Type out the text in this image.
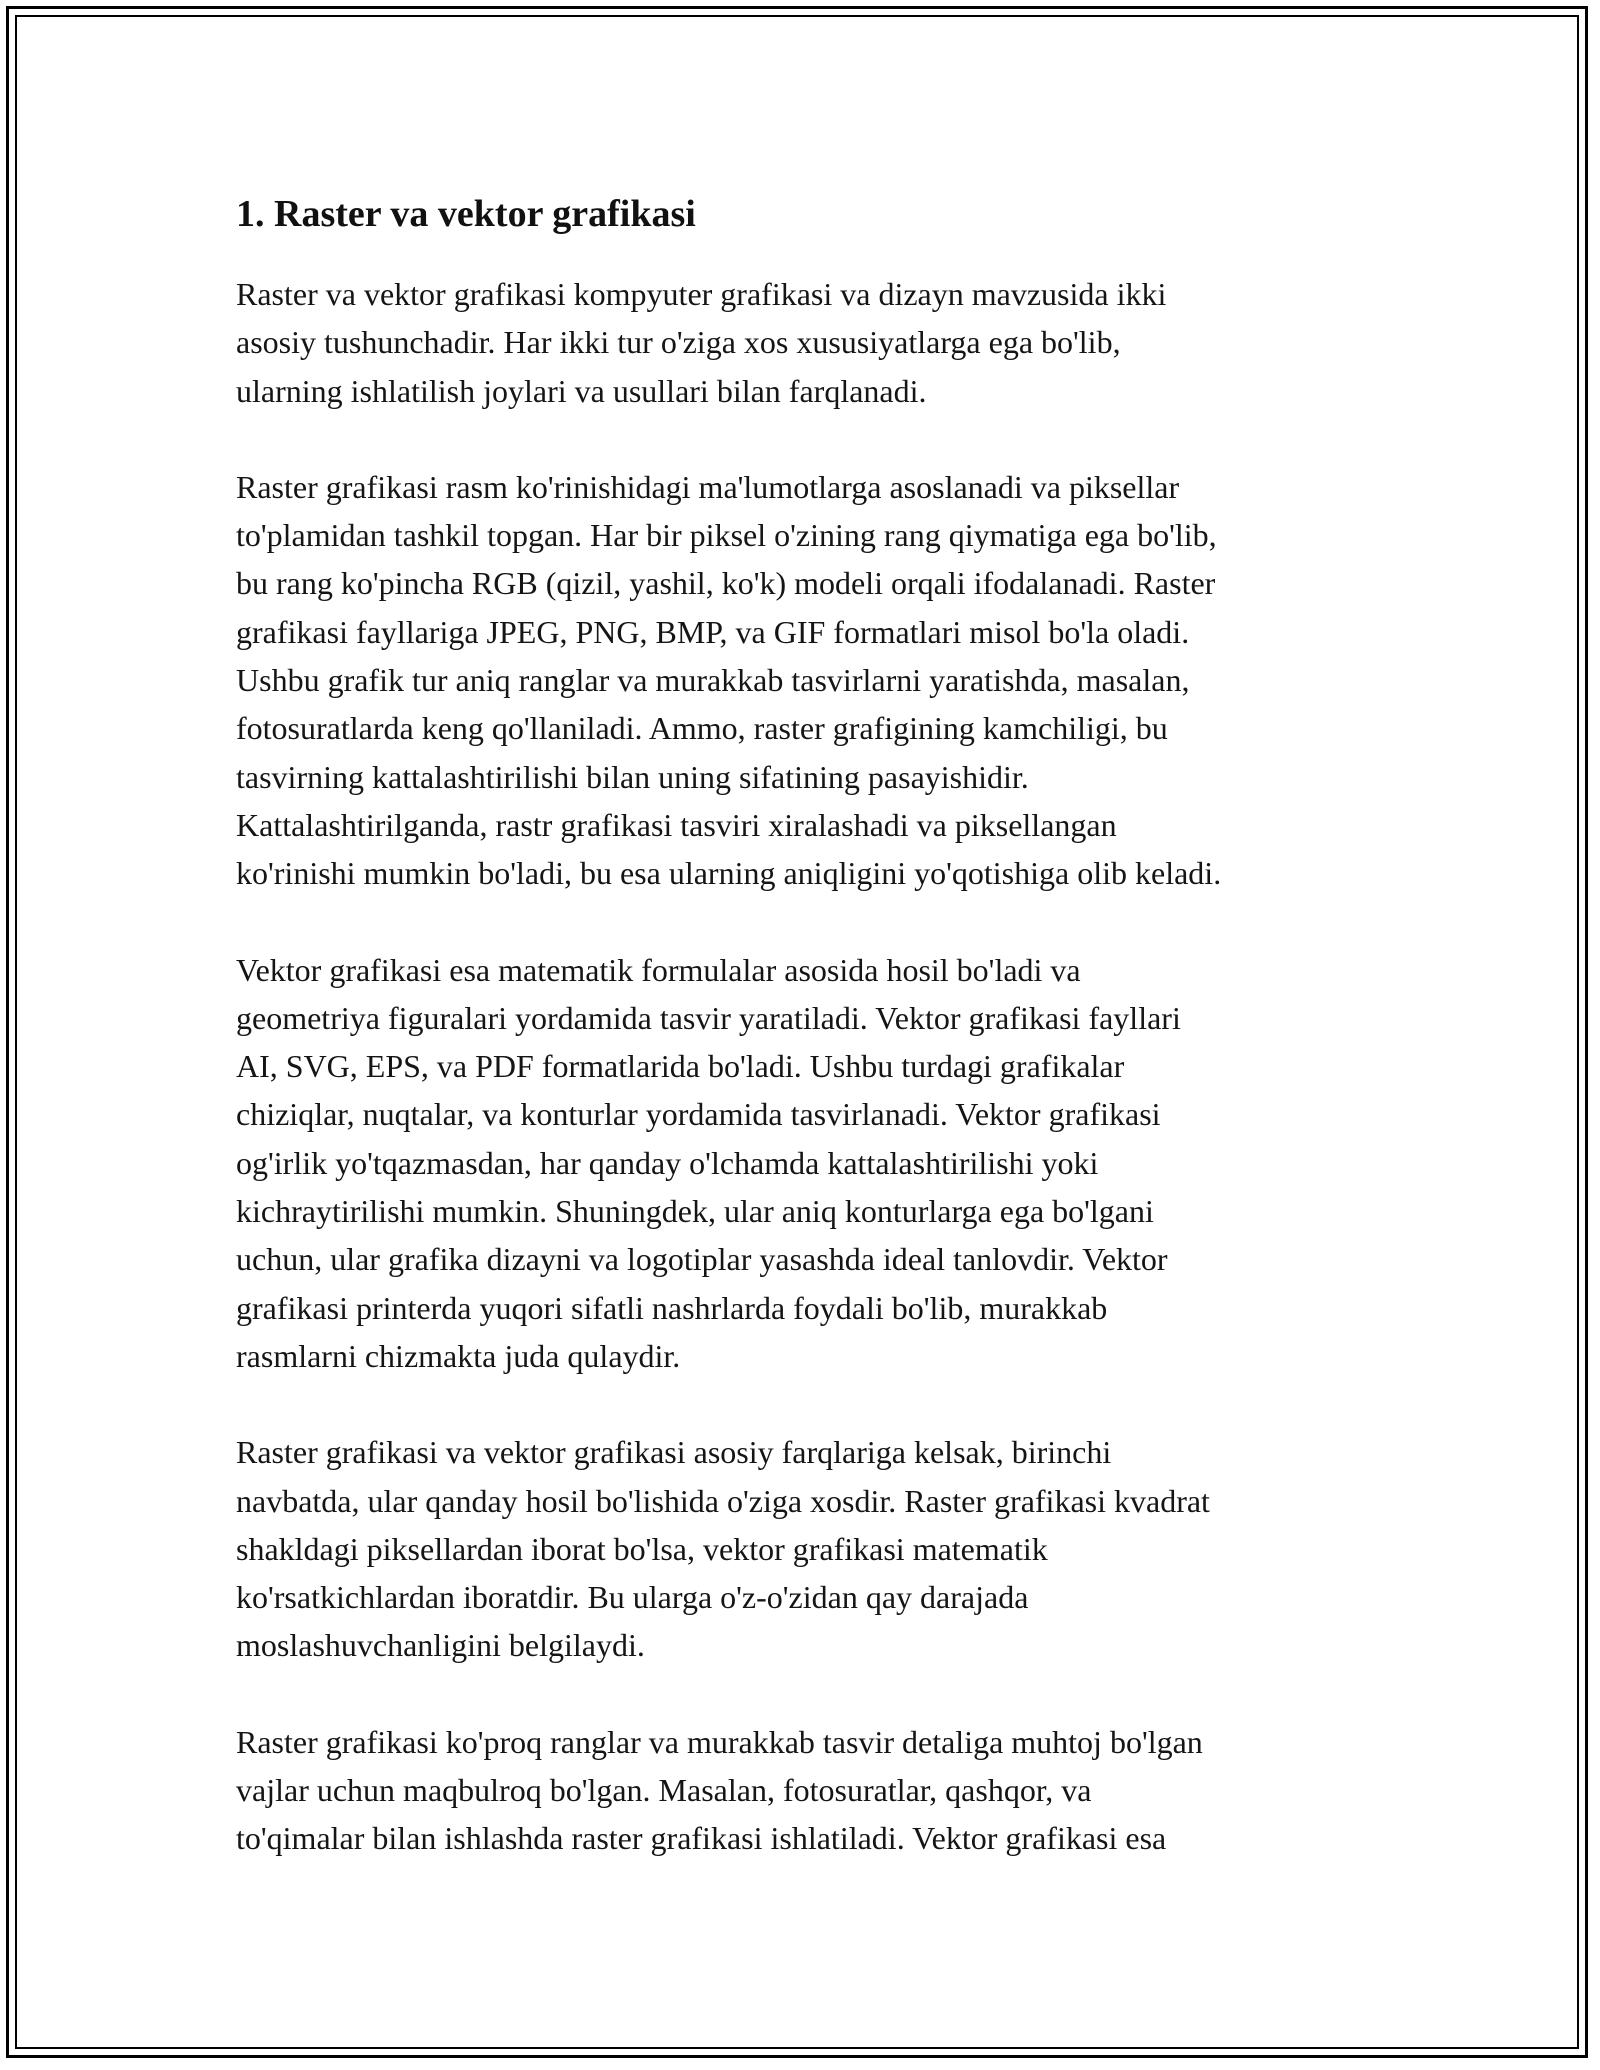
1. Raster va vektor grafikasi

Raster va vektor grafikasi kompyuter grafikasi va dizayn mavzusida ikki
asosiy tushunchadir. Har ikki tur o'ziga xos xususiyatlarga ega bo'lib,
ularning ishlatilish joylari va usullari bilan farqlanadi.

Raster grafikasi rasm ko'rinishidagi ma'lumotlarga asoslanadi va piksellar
to'plamidan tashkil topgan. Har bir piksel o'zining rang qiymatiga ega bo'lib,
bu rang ko'pincha RGB (qizil, yashil, ko'k) modeli orqali ifodalanadi. Raster
grafikasi fayllariga JPEG, PNG, BMP, va GIF formatlari misol bo'la oladi.
Ushbu grafik tur aniq ranglar va murakkab tasvirlarni yaratishda, masalan,
fotosuratlarda keng qo'llaniladi. Ammo, raster grafigining kamchiligi, bu
tasvirning kattalashtirilishi bilan uning sifatining pasayishidir.
Kattalashtirilganda, rastr grafikasi tasviri xiralashadi va piksellangan
ko'rinishi mumkin bo'ladi, bu esa ularning aniqligini yo'qotishiga olib keladi.

Vektor grafikasi esa matematik formulalar asosida hosil bo'ladi va
geometriya figuralari yordamida tasvir yaratiladi. Vektor grafikasi fayllari
AI, SVG, EPS, va PDF formatlarida bo'ladi. Ushbu turdagi grafikalar
chiziqlar, nuqtalar, va konturlar yordamida tasvirlanadi. Vektor grafikasi
og'irlik yo'tqazmasdan, har qanday o'lchamda kattalashtirilishi yoki
kichraytirilishi mumkin. Shuningdek, ular aniq konturlarga ega bo'lgani
uchun, ular grafika dizayni va logotiplar yasashda ideal tanlovdir. Vektor
grafikasi printerda yuqori sifatli nashrlarda foydali bo'lib, murakkab
rasmlarni chizmakta juda qulaydir.

Raster grafikasi va vektor grafikasi asosiy farqlariga kelsak, birinchi
navbatda, ular qanday hosil bo'lishida o'ziga xosdir. Raster grafikasi kvadrat
shakldagi piksellardan iborat bo'lsa, vektor grafikasi matematik
ko'rsatkichlardan iboratdir. Bu ularga o'z-o'zidan qay darajada
moslashuvchanligini belgilaydi.

Raster grafikasi ko'proq ranglar va murakkab tasvir detaliga muhtoj bo'lgan
vajlar uchun maqbulroq bo'lgan. Masalan, fotosuratlar, qashqor, va
to'qimalar bilan ishlashda raster grafikasi ishlatiladi. Vektor grafikasi esa
